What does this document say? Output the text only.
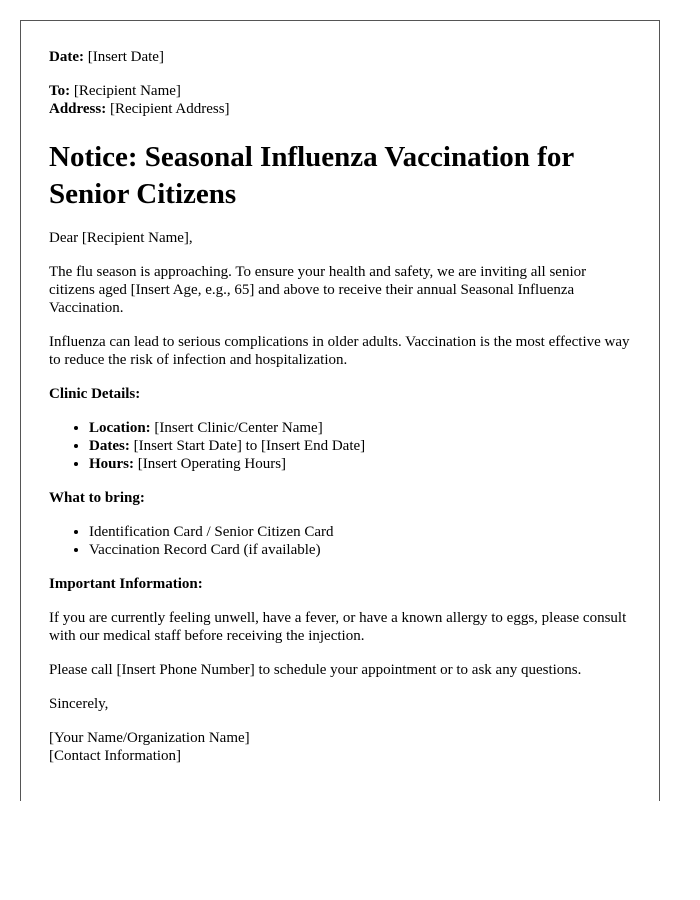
Date: [Insert Date]

To: [Recipient Name]

Address: [Recipient Address]

Notice: Seasonal Influenza Vaccination for Senior Citizens

Dear [Recipient Name],

The flu season is approaching. To ensure your health and safety, we are inviting all senior citizens aged [Insert Age, e.g., 65] and above to receive their annual Seasonal Influenza Vaccination.

Influenza can lead to serious complications in older adults. Vaccination is the most effective way to reduce the risk of infection and hospitalization.

Clinic Details:

• Location: [Insert Clinic/Center Name]
• Dates: [Insert Start Date] to [Insert End Date]
• Hours: [Insert Operating Hours]

What to bring:

• Identification Card / Senior Citizen Card
• Vaccination Record Card (if available)

Important Information:

If you are currently feeling unwell, have a fever, or have a known allergy to eggs, please consult with our medical staff before receiving the injection.

Please call [Insert Phone Number] to schedule your appointment or to ask any questions.

Sincerely,

[Your Name/Organization Name]

[Contact Information]
